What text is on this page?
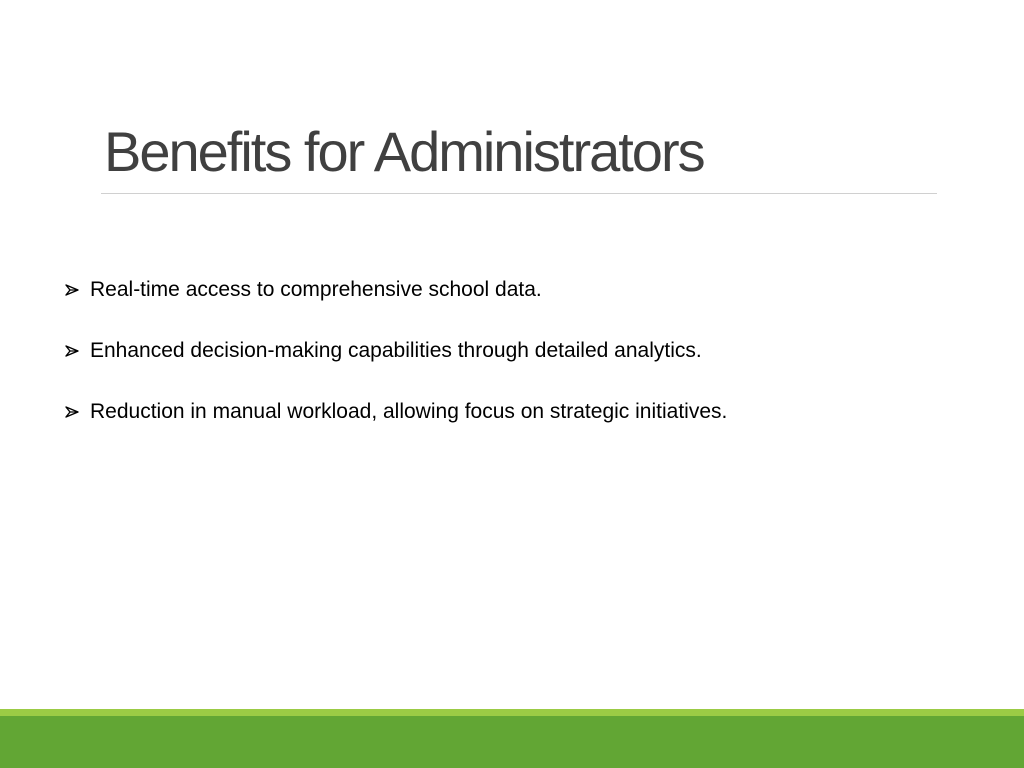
Benefits for Administrators
Real-time access to comprehensive school data.
Enhanced decision-making capabilities through detailed analytics.
Reduction in manual workload, allowing focus on strategic initiatives.
